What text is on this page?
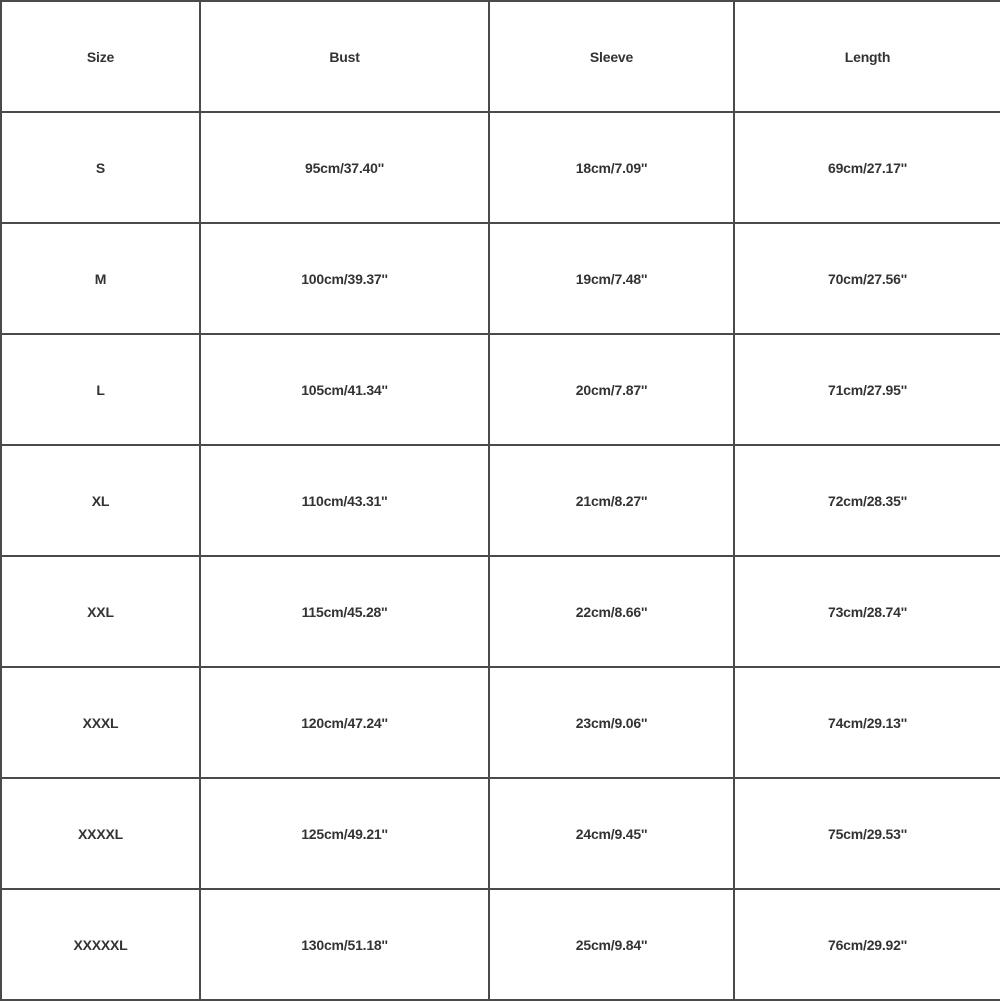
Size	Bust	Sleeve	Length
S	95cm/37.40''	18cm/7.09''	69cm/27.17''
M	100cm/39.37''	19cm/7.48''	70cm/27.56''
L	105cm/41.34''	20cm/7.87''	71cm/27.95''
XL	110cm/43.31''	21cm/8.27''	72cm/28.35''
XXL	115cm/45.28''	22cm/8.66''	73cm/28.74''
XXXL	120cm/47.24''	23cm/9.06''	74cm/29.13''
XXXXL	125cm/49.21''	24cm/9.45''	75cm/29.53''
XXXXXL	130cm/51.18''	25cm/9.84''	76cm/29.92''
